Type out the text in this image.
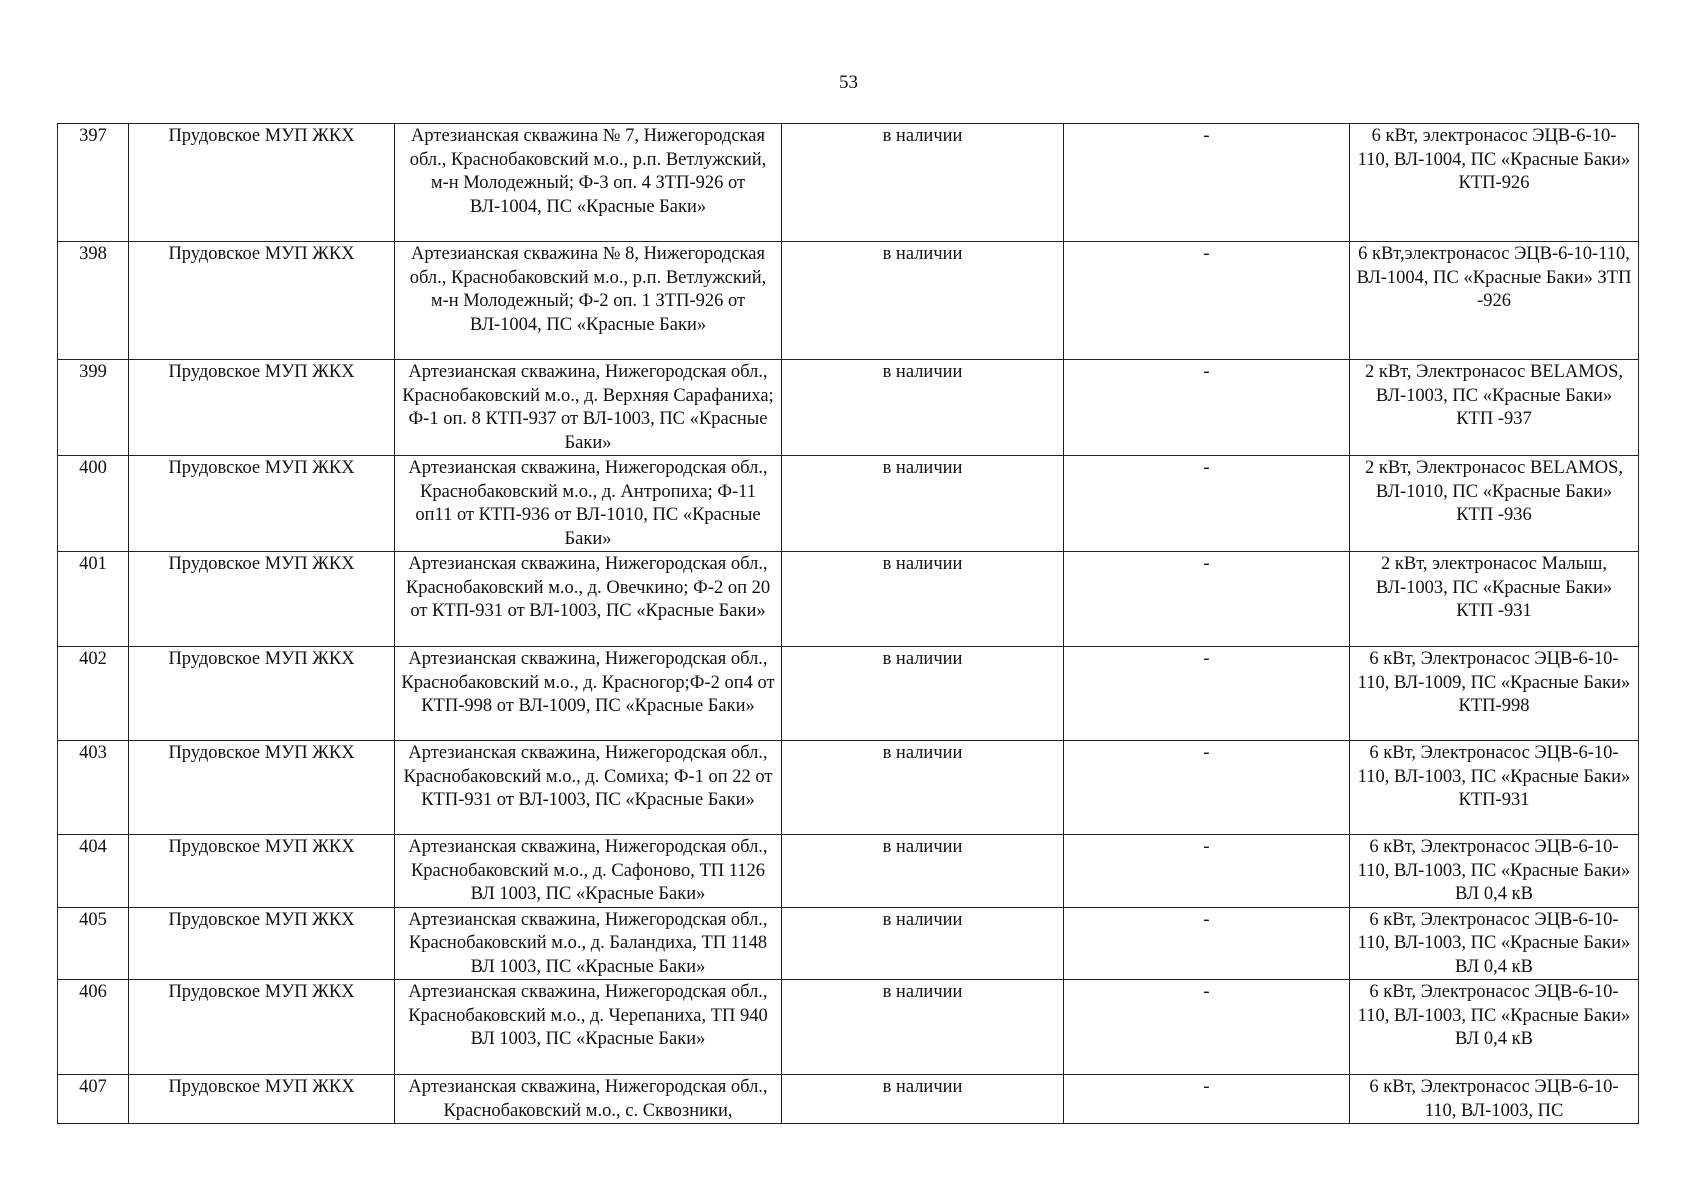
53
397	Прудовское МУП ЖКХ	Артезианская скважина № 7, Нижегородская обл., Краснобаковский м.о., р.п. Ветлужский, м-н Молодежный; Ф-3 оп. 4 ЗТП-926 от ВЛ-1004, ПС «Красные Баки»	в наличии	-	6 кВт, электронасос ЭЦВ-6-10-110, ВЛ-1004, ПС «Красные Баки» КТП-926
398	Прудовское МУП ЖКХ	Артезианская скважина № 8, Нижегородская обл., Краснобаковский м.о., р.п. Ветлужский, м-н Молодежный; Ф-2 оп. 1 ЗТП-926 от ВЛ-1004, ПС «Красные Баки»	в наличии	-	6 кВт,электронасос ЭЦВ-6-10-110, ВЛ-1004, ПС «Красные Баки» ЗТП -926
399	Прудовское МУП ЖКХ	Артезианская скважина, Нижегородская обл., Краснобаковский м.о., д. Верхняя Сарафаниха; Ф-1 оп. 8 КТП-937 от ВЛ-1003, ПС «Красные Баки»	в наличии	-	2 кВт, Электронасос BELAMOS, ВЛ-1003, ПС «Красные Баки» КТП -937
400	Прудовское МУП ЖКХ	Артезианская скважина, Нижегородская обл., Краснобаковский м.о., д. Антропиха; Ф-11 оп11 от КТП-936 от ВЛ-1010, ПС «Красные Баки»	в наличии	-	2 кВт, Электронасос BELAMOS, ВЛ-1010, ПС «Красные Баки» КТП -936
401	Прудовское МУП ЖКХ	Артезианская скважина, Нижегородская обл., Краснобаковский м.о., д. Овечкино; Ф-2 оп 20 от КТП-931 от ВЛ-1003, ПС «Красные Баки»	в наличии	-	2 кВт, электронасос Малыш, ВЛ-1003, ПС «Красные Баки» КТП -931
402	Прудовское МУП ЖКХ	Артезианская скважина, Нижегородская обл., Краснобаковский м.о., д. Красногор;Ф-2 оп4 от КТП-998 от ВЛ-1009, ПС «Красные Баки»	в наличии	-	6 кВт, Электронасос ЭЦВ-6-10-110, ВЛ-1009, ПС «Красные Баки» КТП-998
403	Прудовское МУП ЖКХ	Артезианская скважина, Нижегородская обл., Краснобаковский м.о., д. Сомиха; Ф-1 оп 22 от КТП-931 от ВЛ-1003, ПС «Красные Баки»	в наличии	-	6 кВт, Электронасос ЭЦВ-6-10-110, ВЛ-1003, ПС «Красные Баки» КТП-931
404	Прудовское МУП ЖКХ	Артезианская скважина, Нижегородская обл., Краснобаковский м.о., д. Сафоново, ТП 1126 ВЛ 1003, ПС «Красные Баки»	в наличии	-	6 кВт, Электронасос ЭЦВ-6-10-110, ВЛ-1003, ПС «Красные Баки» ВЛ 0,4 кВ
405	Прудовское МУП ЖКХ	Артезианская скважина, Нижегородская обл., Краснобаковский м.о., д. Баландиха, ТП 1148 ВЛ 1003, ПС «Красные Баки»	в наличии	-	6 кВт, Электронасос ЭЦВ-6-10-110, ВЛ-1003, ПС «Красные Баки» ВЛ 0,4 кВ
406	Прудовское МУП ЖКХ	Артезианская скважина, Нижегородская обл., Краснобаковский м.о., д. Черепаниха, ТП 940 ВЛ 1003, ПС «Красные Баки»	в наличии	-	6 кВт, Электронасос ЭЦВ-6-10-110, ВЛ-1003, ПС «Красные Баки» ВЛ 0,4 кВ
407	Прудовское МУП ЖКХ	Артезианская скважина, Нижегородская обл., Краснобаковский м.о., с. Сквозники,	в наличии	-	6 кВт, Электронасос ЭЦВ-6-10-110, ВЛ-1003, ПС
